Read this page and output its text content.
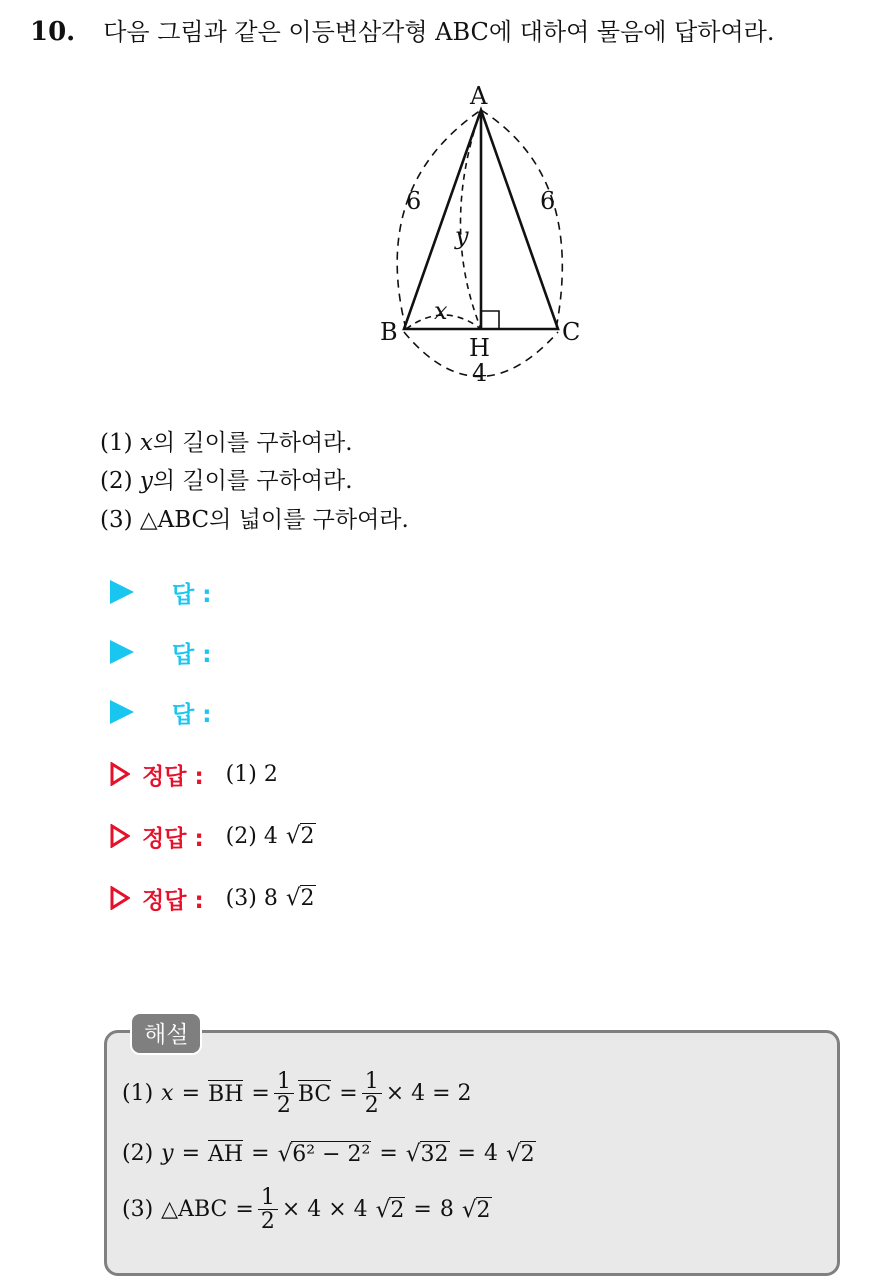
10. 다음 그림과 같은 이등변삼각형 ABC에 대하여 물음에 답하여라.
A
B	C
H
x
y
6	6
4
(1) x의 길이를 구하여라.
(2) y의 길이를 구하여라.
(3) △ABC의 넓이를 구하여라.
답 :
답 :
답 :
정답 : (1) 2
정답 : (2) 4 √ 2
정답 : (3) 8 √ 2
해설
(1) x = BH = $\frac{1}{2}$ BC = $\frac{1}{2} \times 4 = 2$
(2) y = AH = √ 6² − 2² = √ 32 = 4 √ 2
(3) △ABC = $\frac{1}{2} \times 4 \times 4$ √ 2 = 8 √ 2
